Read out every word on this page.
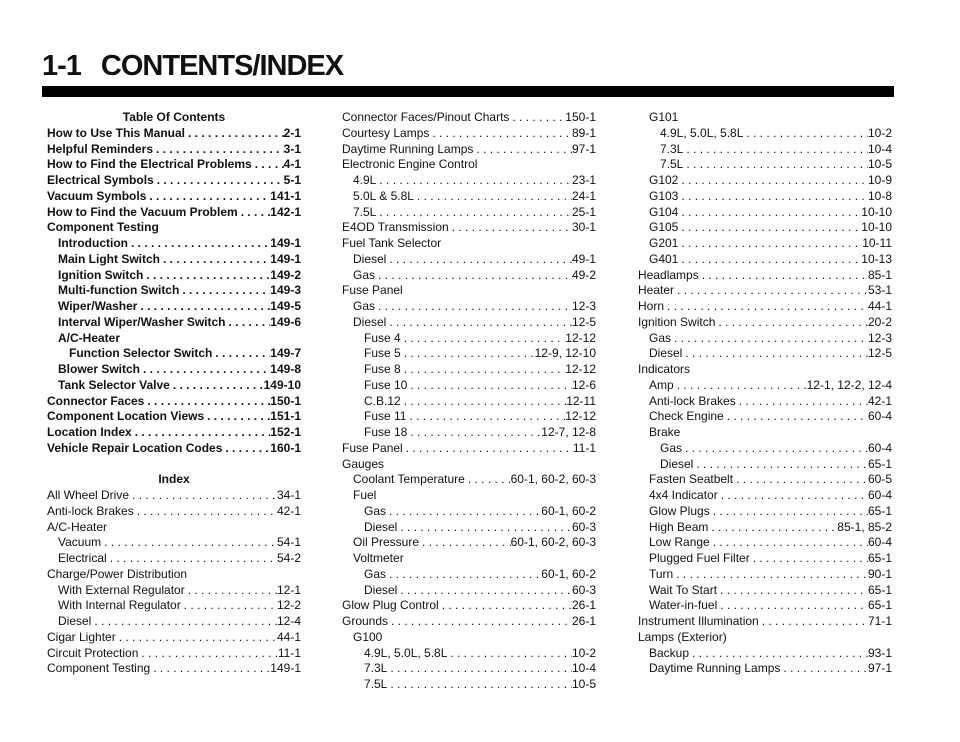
1-1 CONTENTS/INDEX
Table Of Contents
How to Use This Manual . . .	2-1
Helpful Reminders . . .	3-1
How to Find the Electrical Problems . . .	4-1
Electrical Symbols . . .	5-1
Vacuum Symbols . . .	141-1
How to Find the Vacuum Problem . . .	142-1
Component Testing
Introduction . . .	149-1
Main Light Switch . . .	149-1
Ignition Switch . . .	149-2
Multi-function Switch . . .	149-3
Wiper/Washer . . .	149-5
Interval Wiper/Washer Switch . . .	149-6
A/C-Heater
Function Selector Switch . . .	149-7
Blower Switch . . .	149-8
Tank Selector Valve . . .	149-10
Connector Faces . . .	150-1
Component Location Views . . .	151-1
Location Index . . .	152-1
Vehicle Repair Location Codes . . .	160-1
Index
All Wheel Drive . . .	34-1
Anti-lock Brakes . . .	42-1
A/C-Heater
Vacuum . . .	54-1
Electrical . . .	54-2
Charge/Power Distribution
With External Regulator . . .	12-1
With Internal Regulator . . .	12-2
Diesel . . .	12-4
Cigar Lighter . . .	44-1
Circuit Protection . . .	11-1
Component Testing . . .	149-1
Connector Faces/Pinout Charts . . .	150-1
Courtesy Lamps . . .	89-1
Daytime Running Lamps . . .	97-1
Electronic Engine Control
4.9L . . .	23-1
5.0L & 5.8L . . .	24-1
7.5L . . .	25-1
E4OD Transmission . . .	30-1
Fuel Tank Selector
Diesel . . .	49-1
Gas . . .	49-2
Fuse Panel
Gas . . .	12-3
Diesel . . .	12-5
Fuse 4 . . .	12-12
Fuse 5 . . .	12-9, 12-10
Fuse 8 . . .	12-12
Fuse 10 . . .	12-6
C.B.12 . . .	12-11
Fuse 11 . . .	12-12
Fuse 18 . . .	12-7, 12-8
Fuse Panel . . .	11-1
Gauges
Coolant Temperature . . .	60-1, 60-2, 60-3
Fuel
Gas . . .	60-1, 60-2
Diesel . . .	60-3
Oil Pressure . . .	60-1, 60-2, 60-3
Voltmeter
Gas . . .	60-1, 60-2
Diesel . . .	60-3
Glow Plug Control . . .	26-1
Grounds . . .	26-1
G100
4.9L, 5.0L, 5.8L . . .	10-2
7.3L . . .	10-4
7.5L . . .	10-5
G101
4.9L, 5.0L, 5.8L . . .	10-2
7.3L . . .	10-4
7.5L . . .	10-5
G102 . . .	10-9
G103 . . .	10-8
G104 . . .	10-10
G105 . . .	10-10
G201 . . .	10-11
G401 . . .	10-13
Headlamps . . .	85-1
Heater . . .	53-1
Horn . . .	44-1
Ignition Switch . . .	20-2
Gas . . .	12-3
Diesel . . .	12-5
Indicators
Amp . . .	12-1, 12-2, 12-4
Anti-lock Brakes . . .	42-1
Check Engine . . .	60-4
Brake
Gas . . .	60-4
Diesel . . .	65-1
Fasten Seatbelt . . .	60-5
4x4 Indicator . . .	60-4
Glow Plugs . . .	65-1
High Beam . . .	85-1, 85-2
Low Range . . .	60-4
Plugged Fuel Filter . . .	65-1
Turn . . .	90-1
Wait To Start . . .	65-1
Water-in-fuel . . .	65-1
Instrument Illumination . . .	71-1
Lamps (Exterior)
Backup . . .	93-1
Daytime Running Lamps . . .	97-1
